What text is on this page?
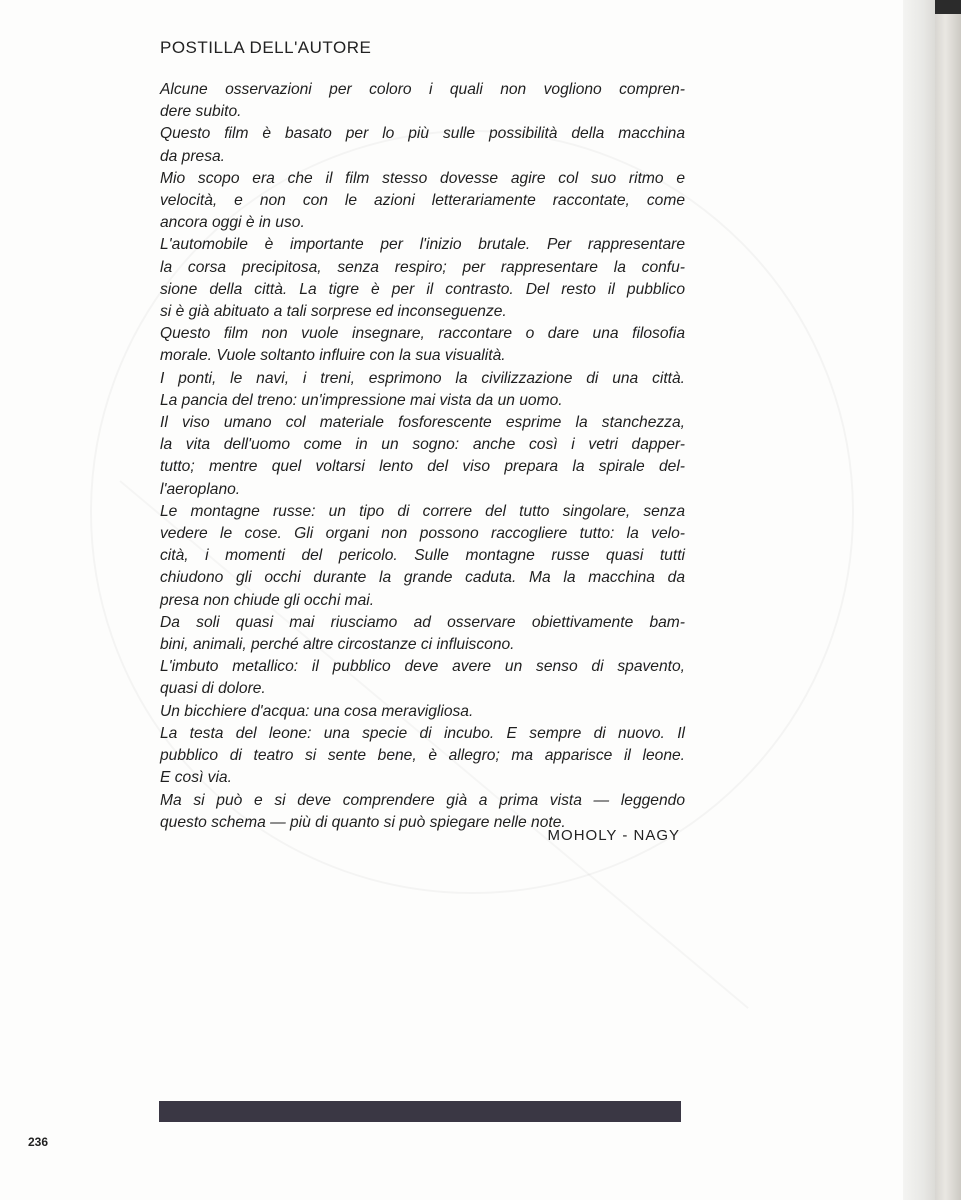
POSTILLA DELL'AUTORE
Alcune osservazioni per coloro i quali non vogliono compren-
dere subito.
Questo film è basato per lo più sulle possibilità della macchina
da presa.
Mio scopo era che il film stesso dovesse agire col suo ritmo e
velocità, e non con le azioni letterariamente raccontate, come
ancora oggi è in uso.
L'automobile è importante per l'inizio brutale. Per rappresentare
la corsa precipitosa, senza respiro; per rappresentare la confu-
sione della città. La tigre è per il contrasto. Del resto il pubblico
si è già abituato a tali sorprese ed inconseguenze.
Questo film non vuole insegnare, raccontare o dare una filosofia
morale. Vuole soltanto influire con la sua visualità.
I ponti, le navi, i treni, esprimono la civilizzazione di una città.
La pancia del treno: un'impressione mai vista da un uomo.
Il viso umano col materiale fosforescente esprime la stanchezza,
la vita dell'uomo come in un sogno: anche così i vetri dapper-
tutto; mentre quel voltarsi lento del viso prepara la spirale del-
l'aeroplano.
Le montagne russe: un tipo di correre del tutto singolare, senza
vedere le cose. Gli organi non possono raccogliere tutto: la velo-
cità, i momenti del pericolo. Sulle montagne russe quasi tutti
chiudono gli occhi durante la grande caduta. Ma la macchina da
presa non chiude gli occhi mai.
Da soli quasi mai riusciamo ad osservare obiettivamente bam-
bini, animali, perché altre circostanze ci influiscono.
L'imbuto metallico: il pubblico deve avere un senso di spavento,
quasi di dolore.
Un bicchiere d'acqua: una cosa meravigliosa.
La testa del leone: una specie di incubo. E sempre di nuovo. Il
pubblico di teatro si sente bene, è allegro; ma apparisce il leone.
E così via.
Ma si può e si deve comprendere già a prima vista — leggendo
questo schema — più di quanto si può spiegare nelle note.
MOHOLY - NAGY
236
